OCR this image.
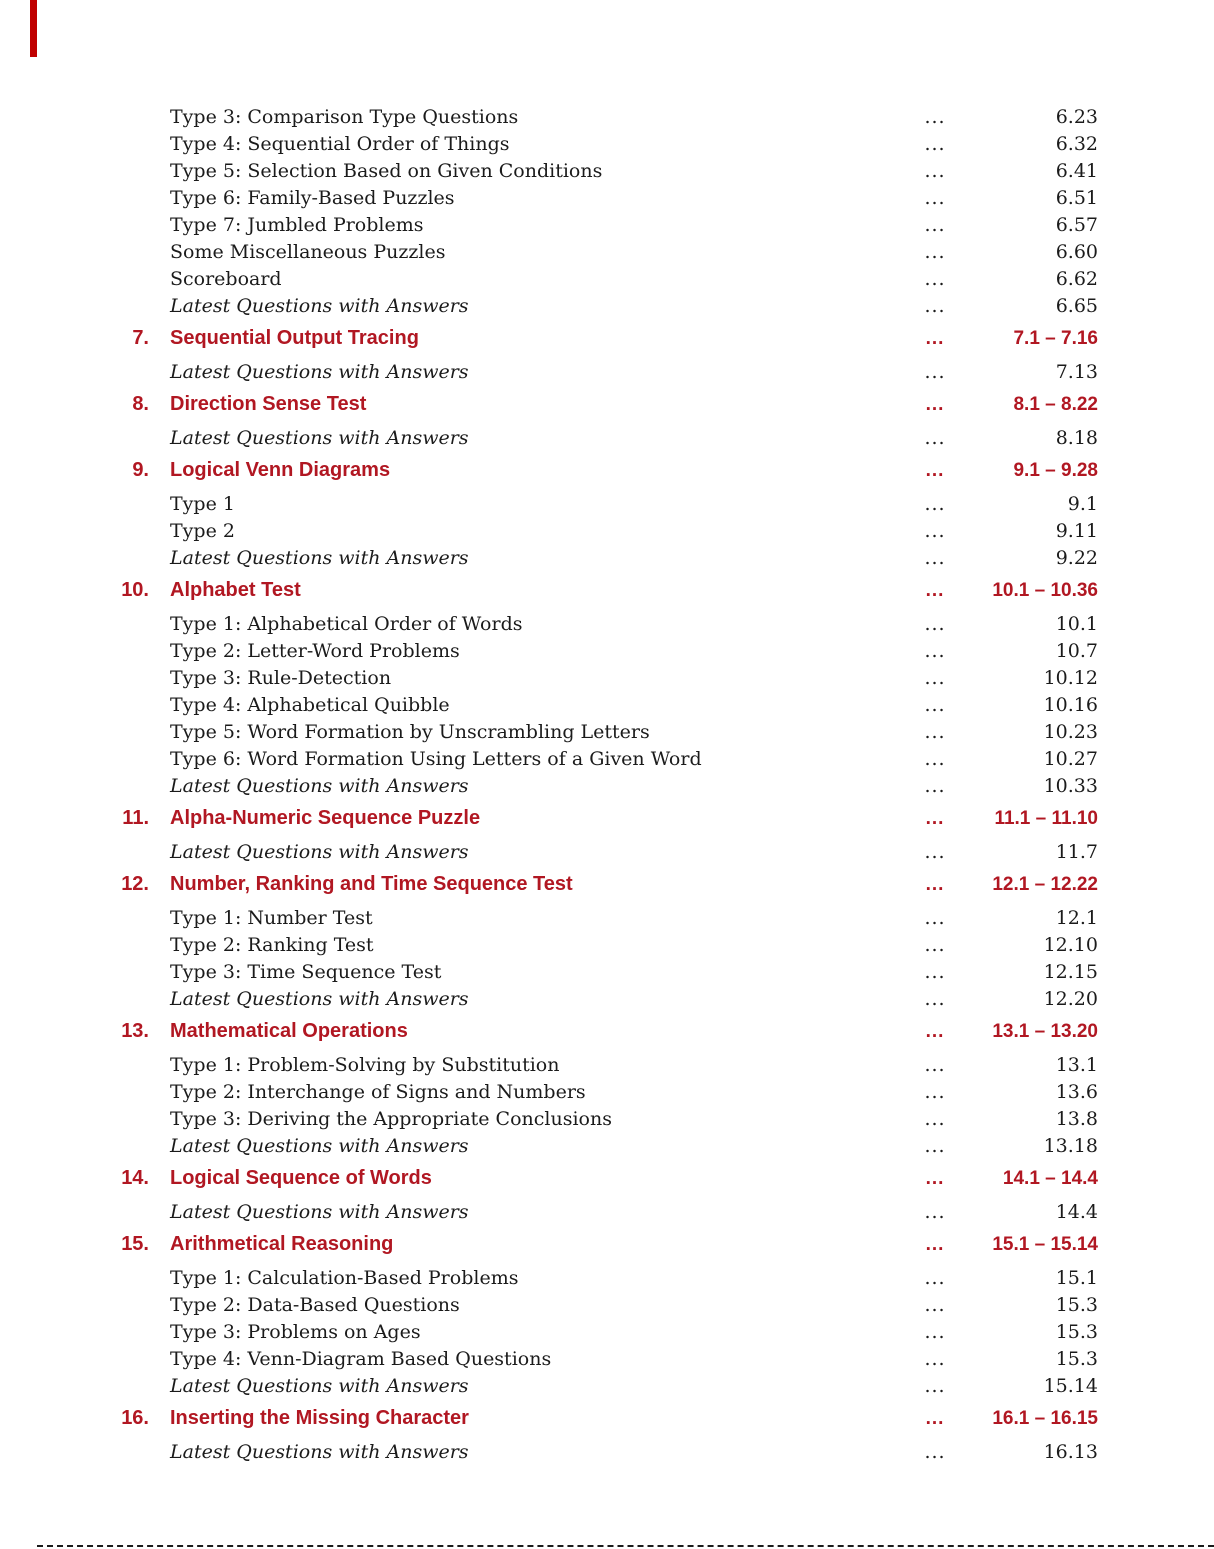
Type 3: Comparison Type Questions	...	6.23
Type 4: Sequential Order of Things	...	6.32
Type 5: Selection Based on Given Conditions	...	6.41
Type 6: Family-Based Puzzles	...	6.51
Type 7: Jumbled Problems	...	6.57
Some Miscellaneous Puzzles	...	6.60
Scoreboard	...	6.62
Latest Questions with Answers	...	6.65
7.	Sequential Output Tracing	...	7.1 – 7.16
Latest Questions with Answers	...	7.13
8.	Direction Sense Test	...	8.1 – 8.22
Latest Questions with Answers	...	8.18
9.	Logical Venn Diagrams	...	9.1 – 9.28
Type 1	...	9.1
Type 2	...	9.11
Latest Questions with Answers	...	9.22
10.	Alphabet Test	...	10.1 – 10.36
Type 1: Alphabetical Order of Words	...	10.1
Type 2: Letter-Word Problems	...	10.7
Type 3: Rule-Detection	...	10.12
Type 4: Alphabetical Quibble	...	10.16
Type 5: Word Formation by Unscrambling Letters	...	10.23
Type 6: Word Formation Using Letters of a Given Word	...	10.27
Latest Questions with Answers	...	10.33
11.	Alpha-Numeric Sequence Puzzle	...	11.1 – 11.10
Latest Questions with Answers	...	11.7
12.	Number, Ranking and Time Sequence Test	...	12.1 – 12.22
Type 1: Number Test	...	12.1
Type 2: Ranking Test	...	12.10
Type 3: Time Sequence Test	...	12.15
Latest Questions with Answers	...	12.20
13.	Mathematical Operations	...	13.1 – 13.20
Type 1: Problem-Solving by Substitution	...	13.1
Type 2: Interchange of Signs and Numbers	...	13.6
Type 3: Deriving the Appropriate Conclusions	...	13.8
Latest Questions with Answers	...	13.18
14.	Logical Sequence of Words	...	14.1 – 14.4
Latest Questions with Answers	...	14.4
15.	Arithmetical Reasoning	...	15.1 – 15.14
Type 1: Calculation-Based Problems	...	15.1
Type 2: Data-Based Questions	...	15.3
Type 3: Problems on Ages	...	15.3
Type 4: Venn-Diagram Based Questions	...	15.3
Latest Questions with Answers	...	15.14
16.	Inserting the Missing Character	...	16.1 – 16.15
Latest Questions with Answers	...	16.13
